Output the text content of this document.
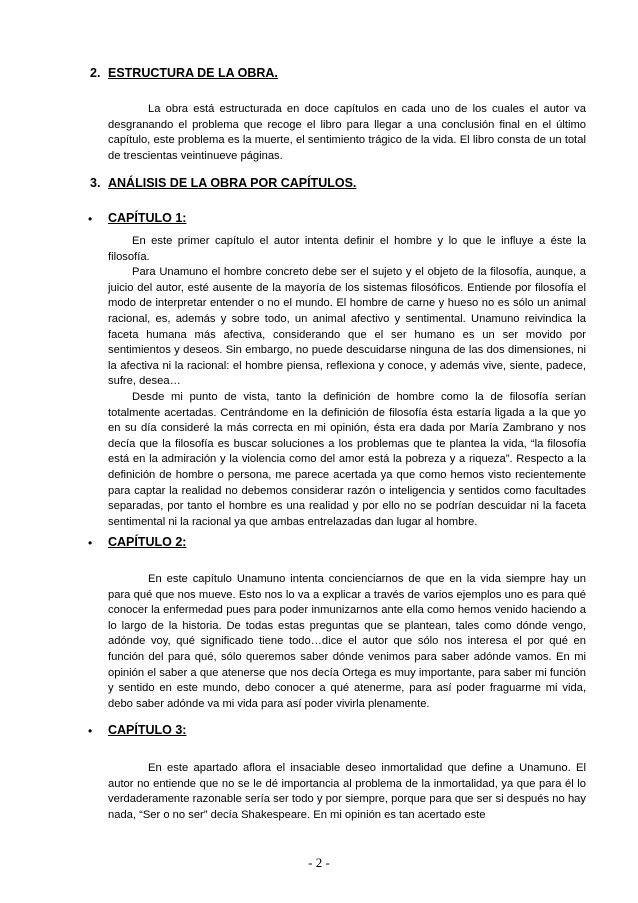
2. ESTRUCTURA DE LA OBRA.

La obra está estructurada en doce capítulos en cada uno de los cuales el autor va desgranando el problema que recoge el libro para llegar a una conclusión final en el último capítulo, este problema es la muerte, el sentimiento trágico de la vida. El libro consta de un total de trescientas veintinueve páginas.

3. ANÁLISIS DE LA OBRA POR CAPÍTULOS.
• CAPÍTULO 1:

En este primer capítulo el autor intenta definir el hombre y lo que le influye a éste la filosofía.

Para Unamuno el hombre concreto debe ser el sujeto y el objeto de la filosofía, aunque, a juicio del autor, esté ausente de la mayoría de los sistemas filosóficos. Entiende por filosofía el modo de interpretar entender o no el mundo. El hombre de carne y hueso no es sólo un animal racional, es, además y sobre todo, un animal afectivo y sentimental. Unamuno reivindica la faceta humana más afectiva, considerando que el ser humano es un ser movido por sentimientos y deseos. Sin embargo, no puede descuidarse ninguna de las dos dimensiones, ni la afectiva ni la racional: el hombre piensa, reflexiona y conoce, y además vive, siente, padece, sufre, desea…

Desde mi punto de vista, tanto la definición de hombre como la de filosofía serían totalmente acertadas. Centrándome en la definición de filosofía ésta estaría ligada a la que yo en su día consideré la más correcta en mi opinión, ésta era dada por María Zambrano y nos decía que la filosofía es buscar soluciones a los problemas que te plantea la vida, “la filosofía está en la admiración y la violencia como del amor está la pobreza y a riqueza”. Respecto a la definición de hombre o persona, me parece acertada ya que como hemos visto recientemente para captar la realidad no debemos considerar razón o inteligencia y sentidos como facultades separadas, por tanto el hombre es una realidad y por ello no se podrían descuidar ni la faceta sentimental ni la racional ya que ambas entrelazadas dan lugar al hombre.

• CAPÍTULO 2:

En este capítulo Unamuno intenta concienciarnos de que en la vida siempre hay un para qué que nos mueve. Esto nos lo va a explicar a través de varios ejemplos uno es para qué conocer la enfermedad pues para poder inmunizarnos ante ella como hemos venido haciendo a lo largo de la historia. De todas estas preguntas que se plantean, tales como dónde vengo, adónde voy, qué significado tiene todo…dice el autor que sólo nos interesa el por qué en función del para qué, sólo queremos saber dónde venimos para saber adónde vamos. En mi opinión el saber a que atenerse que nos decía Ortega es muy importante, para saber mi función y sentido en este mundo, debo conocer a qué atenerme, para así poder fraguarme mi vida, debo saber adónde va mi vida para así poder vivirla plenamente.

• CAPÍTULO 3:

En este apartado aflora el insaciable deseo inmortalidad que define a Unamuno. El autor no entiende que no se le dé importancia al problema de la inmortalidad, ya que para él lo verdaderamente razonable sería ser todo y por siempre, porque para que ser si después no hay nada, “Ser o no ser” decía Shakespeare. En mi opinión es tan acertado este

- 2 -
